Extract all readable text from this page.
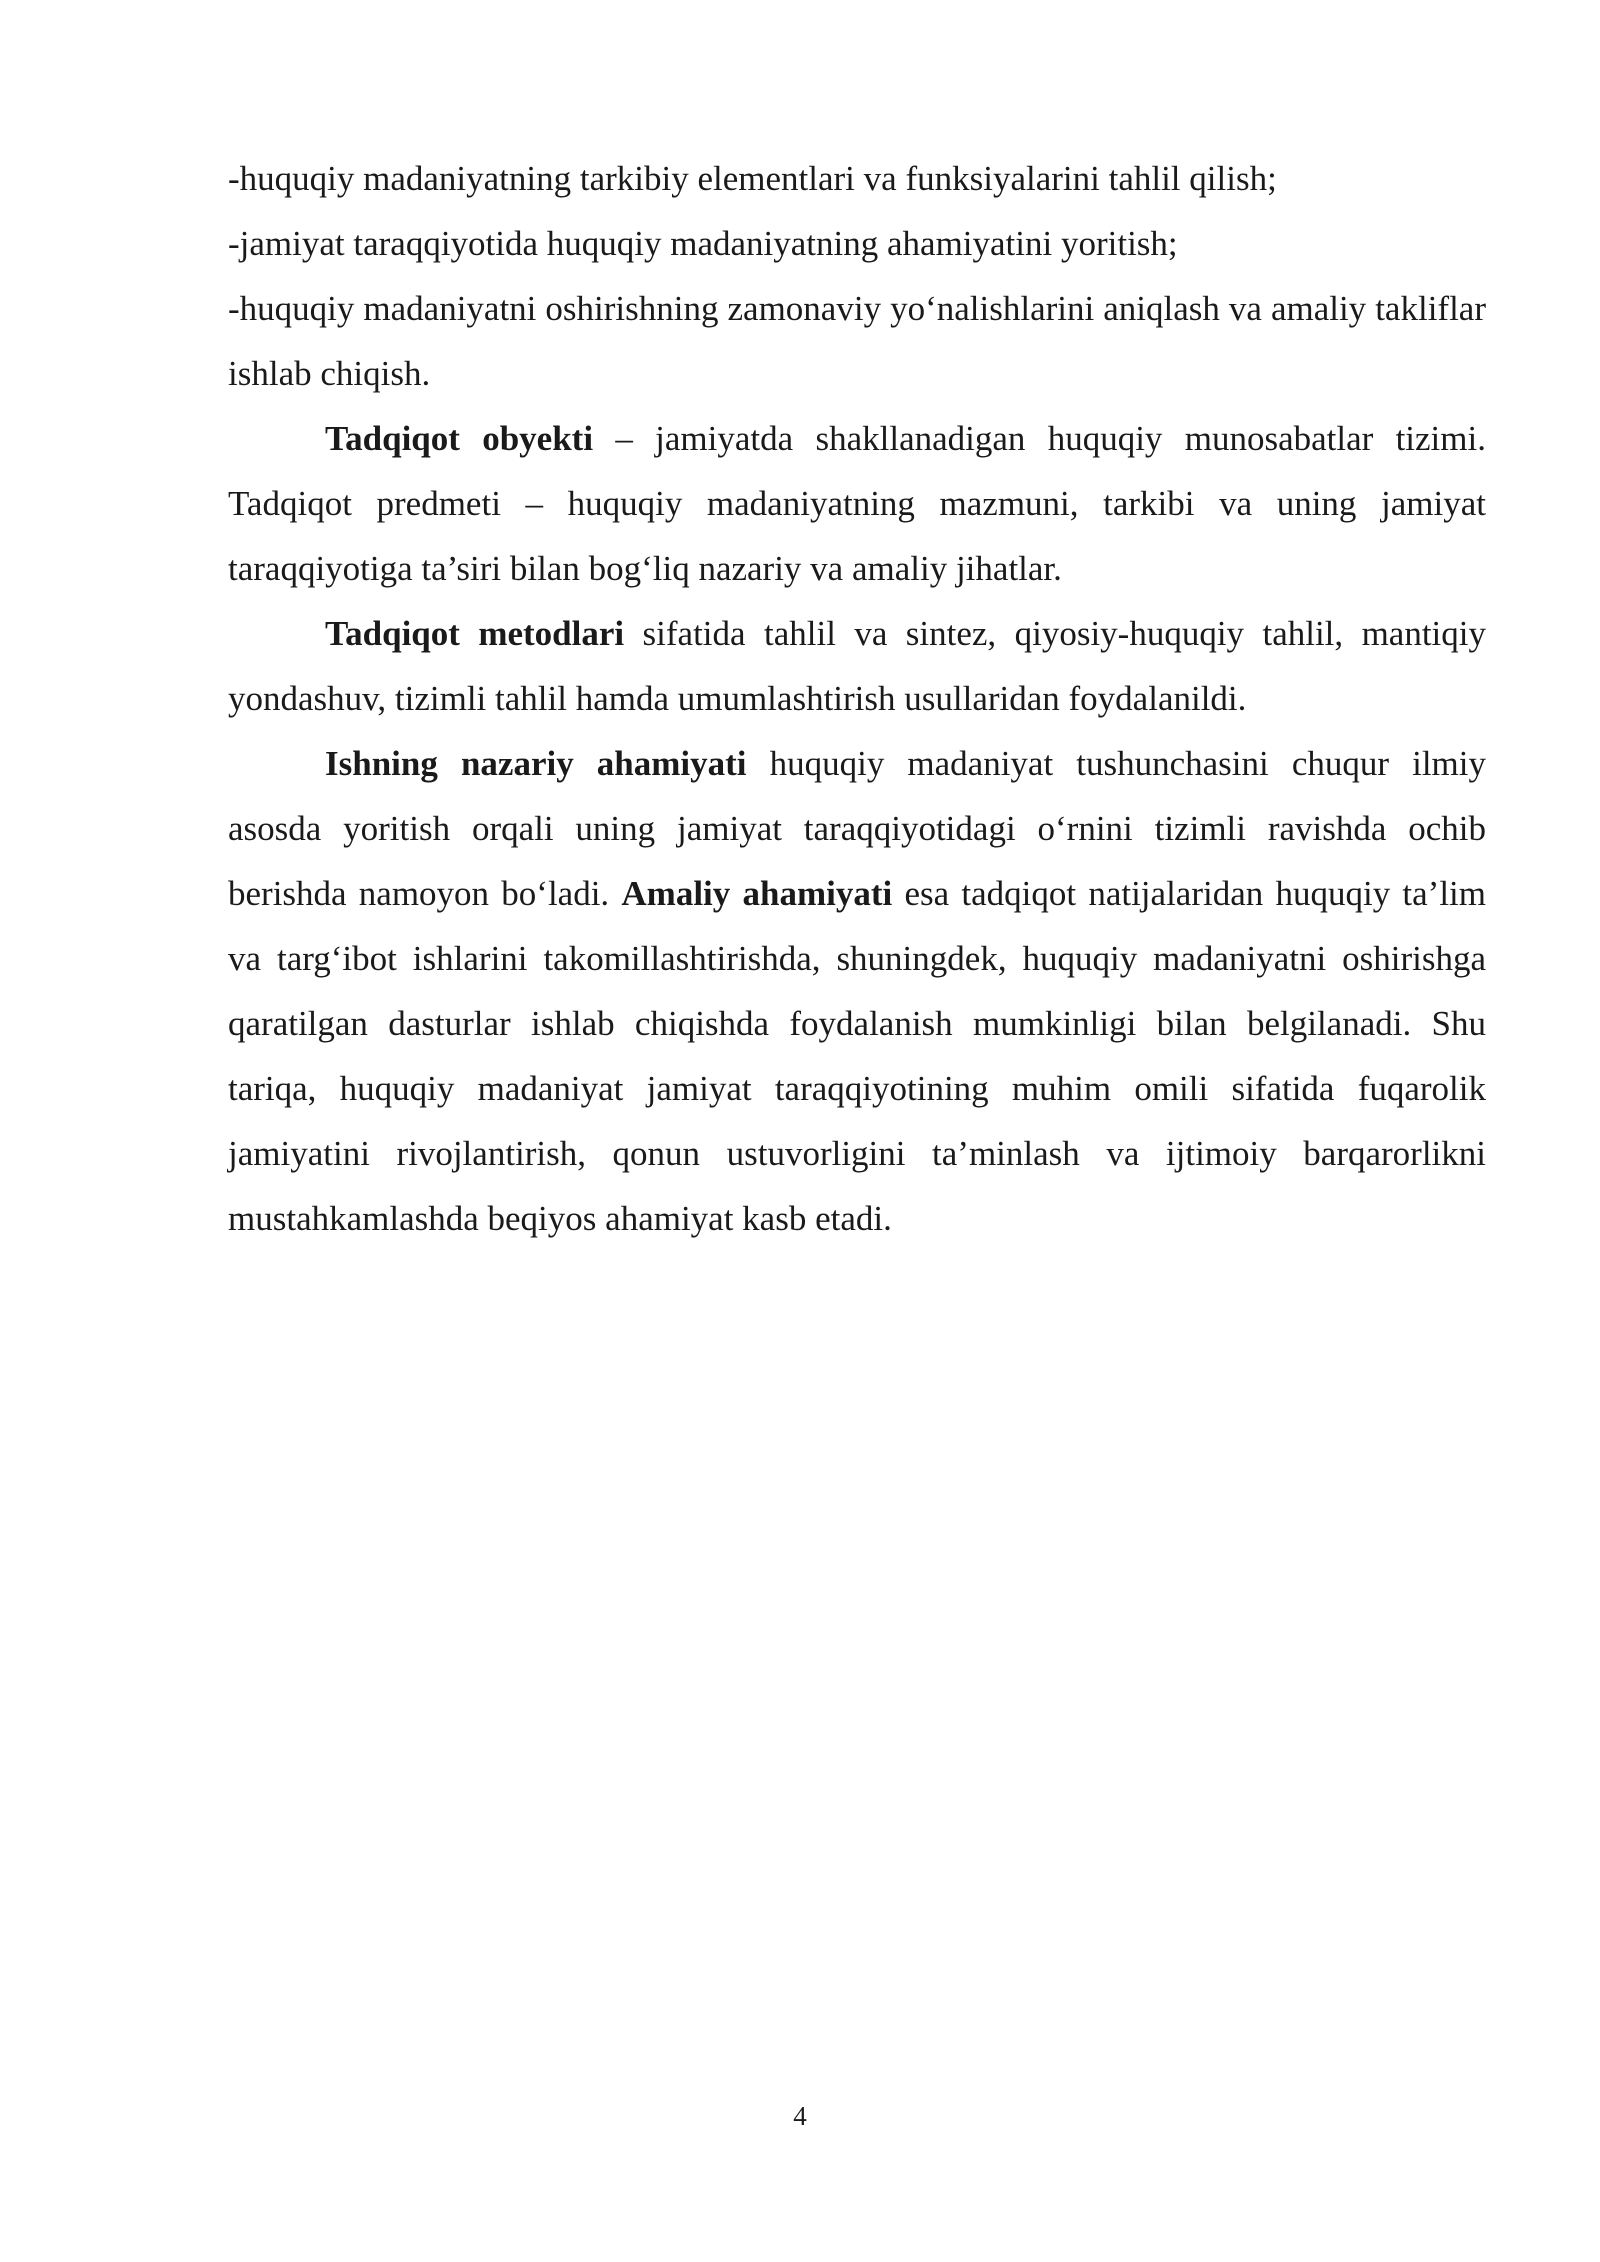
-huquqiy madaniyatning tarkibiy elementlari va funksiyalarini tahlil qilish;

-jamiyat taraqqiyotida huquqiy madaniyatning ahamiyatini yoritish;

-huquqiy madaniyatni oshirishning zamonaviy yo‘nalishlarini aniqlash va amaliy takliflar ishlab chiqish.

Tadqiqot obyekti – jamiyatda shakllanadigan huquqiy munosabatlar tizimi. Tadqiqot predmeti – huquqiy madaniyatning mazmuni, tarkibi va uning jamiyat taraqqiyotiga ta’siri bilan bog‘liq nazariy va amaliy jihatlar.

Tadqiqot metodlari sifatida tahlil va sintez, qiyosiy-huquqiy tahlil, mantiqiy yondashuv, tizimli tahlil hamda umumlashtirish usullaridan foydalanildi.

Ishning nazariy ahamiyati huquqiy madaniyat tushunchasini chuqur ilmiy asosda yoritish orqali uning jamiyat taraqqiyotidagi o‘rnini tizimli ravishda ochib berishda namoyon bo‘ladi. Amaliy ahamiyati esa tadqiqot natijalaridan huquqiy ta’lim va targ‘ibot ishlarini takomillashtirishda, shuningdek, huquqiy madaniyatni oshirishga qaratilgan dasturlar ishlab chiqishda foydalanish mumkinligi bilan belgilanadi. Shu tariqa, huquqiy madaniyat jamiyat taraqqiyotining muhim omili sifatida fuqarolik jamiyatini rivojlantirish, qonun ustuvorligini ta’minlash va ijtimoiy barqarorlikni mustahkamlashda beqiyos ahamiyat kasb etadi.

4
